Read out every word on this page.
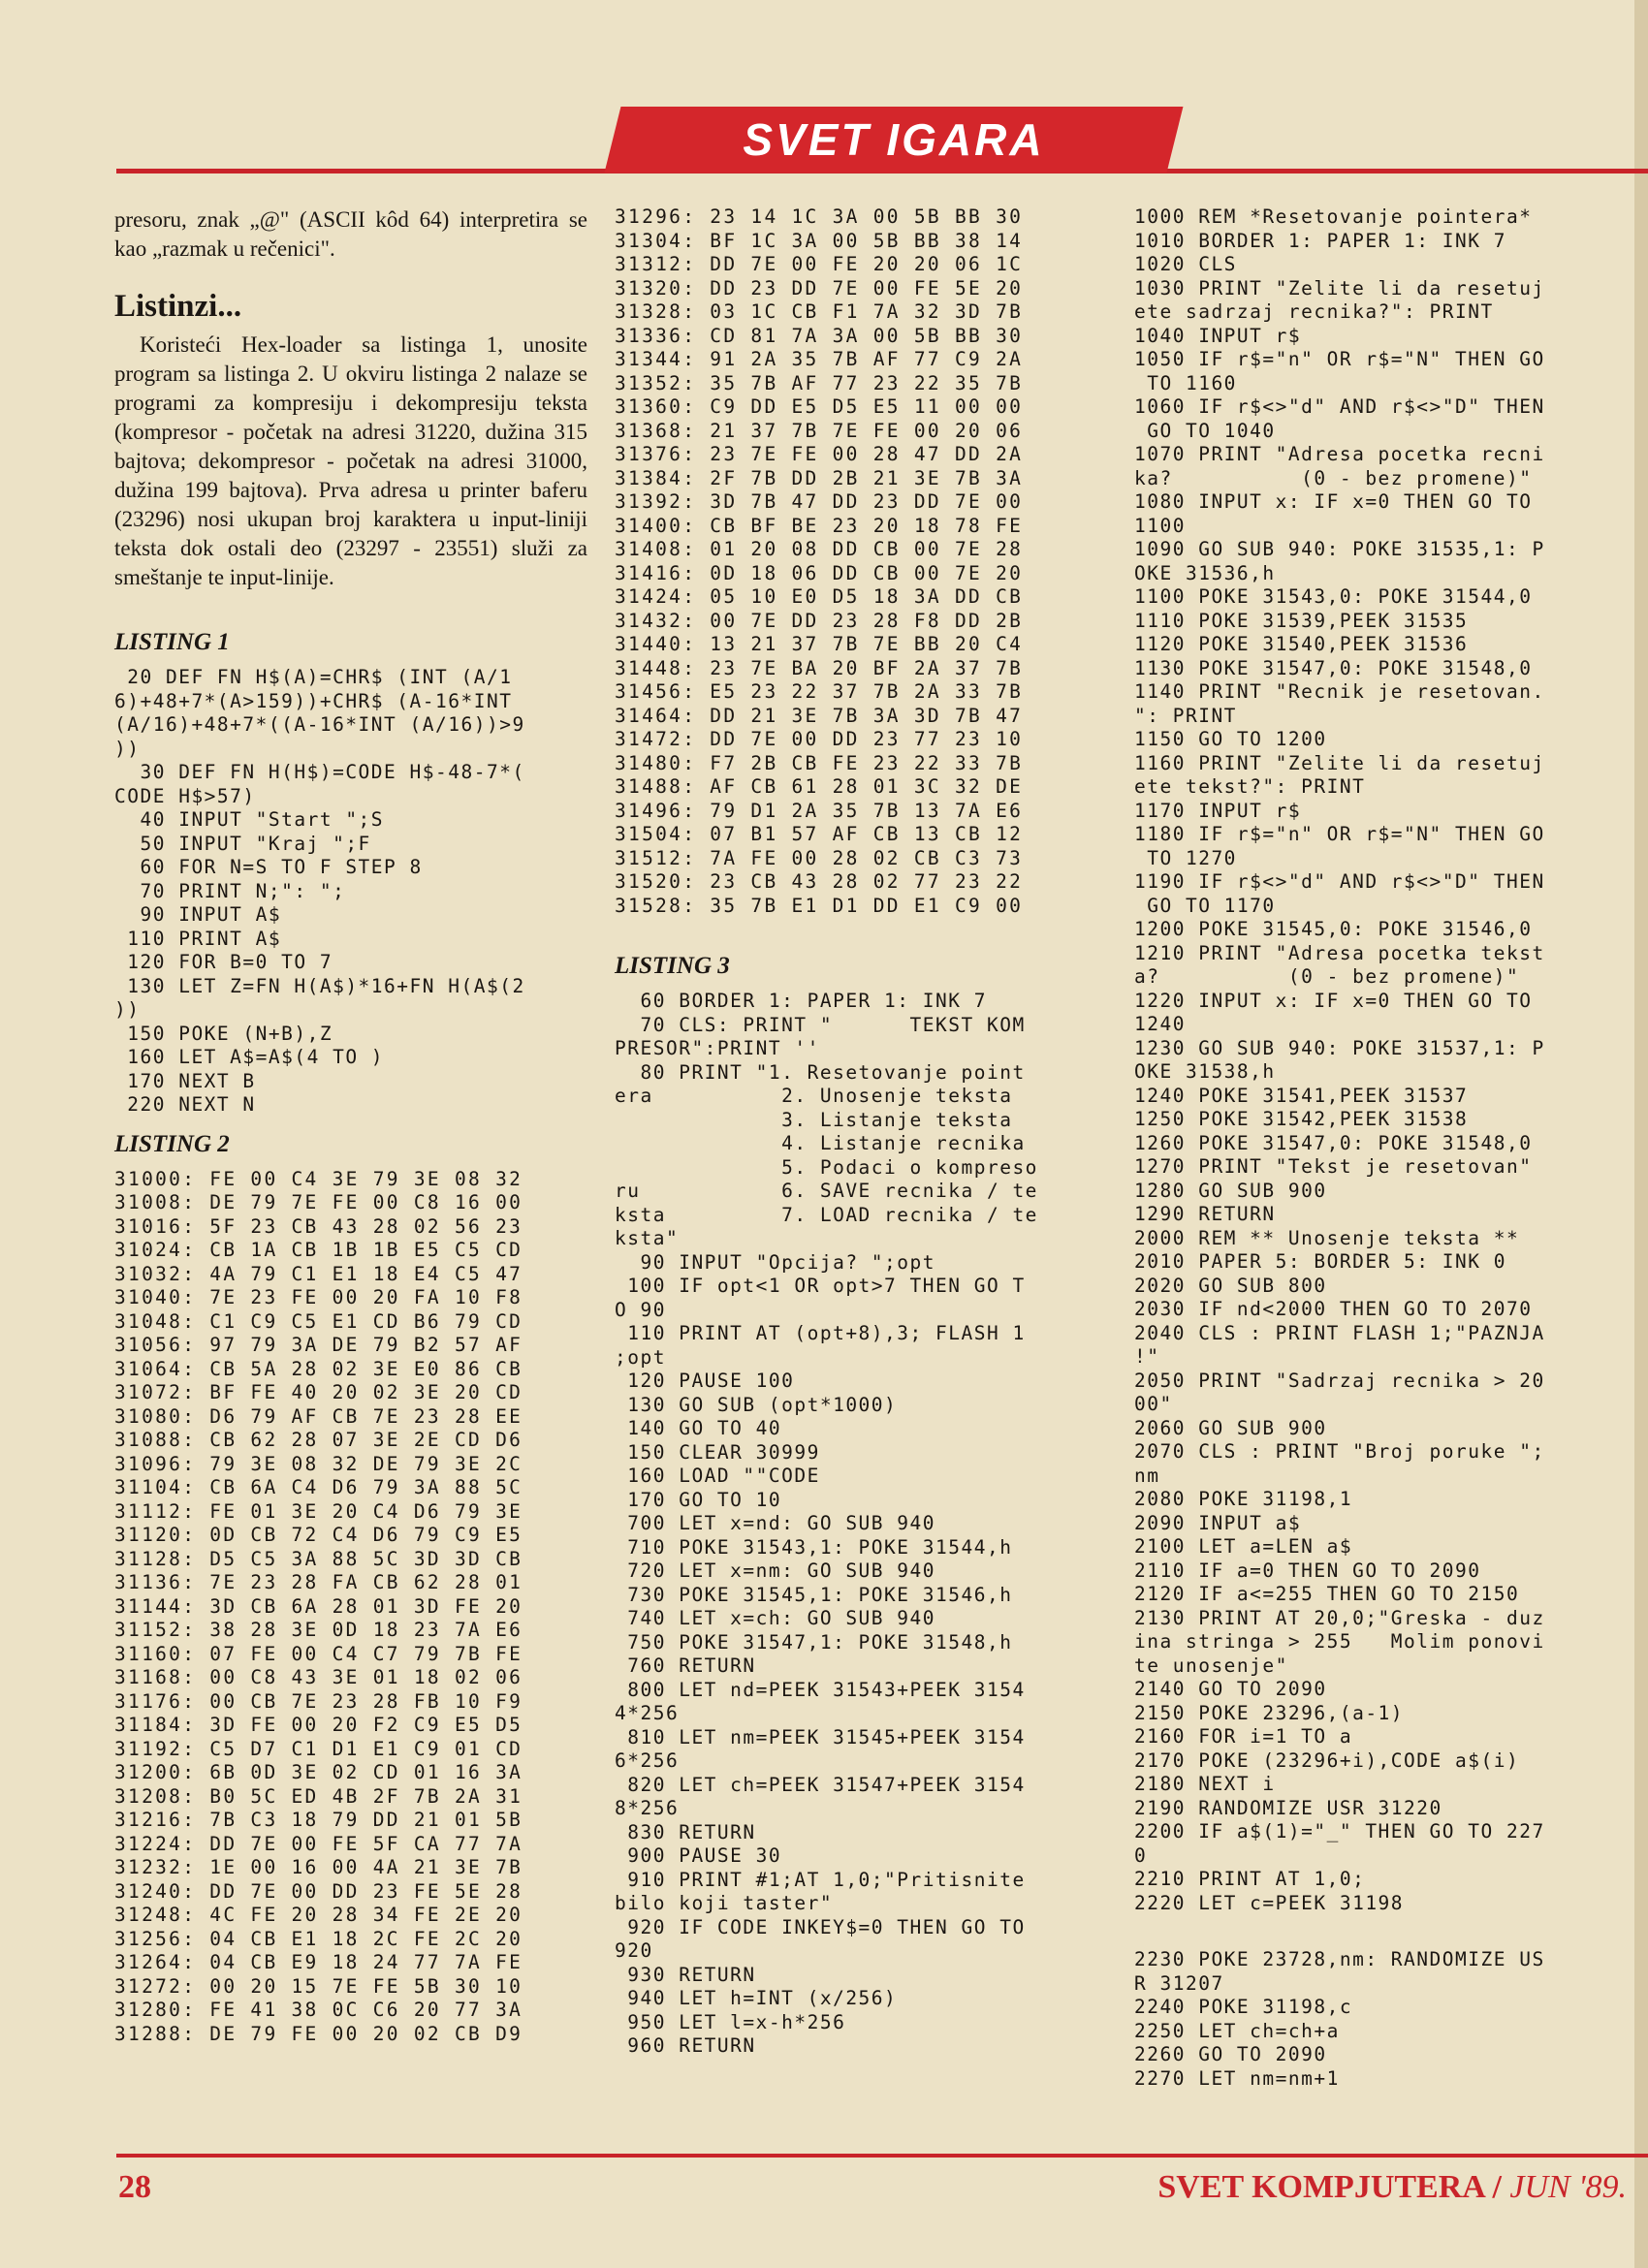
SVET IGARA

presoru, znak „@" (ASCII kôd 64) interpretira se kao „razmak u rečenici".

Listinzi...

Koristeći Hex-loader sa listinga 1, unosite program sa listinga 2. U okviru listinga 2 nalaze se programi za kompresiju i dekompresiju teksta (kompresor - početak na adresi 31220, dužina 315 bajtova; dekompresor - početak na adresi 31000, dužina 199 bajtova). Prva adresa u printer baferu (23296) nosi ukupan broj karaktera u input-liniji teksta dok ostali deo (23297 - 23551) služi za smeštanje te input-linije.

LISTING 1
20 DEF FN H$(A)=CHR$ (INT (A/1
6)+48+7*(A>159))+CHR$ (A-16*INT
(A/16)+48+7*((A-16*INT (A/16))>9
))
30 DEF FN H(H$)=CODE H$-48-7*(
CODE H$>57)
40 INPUT "Start ";S
50 INPUT "Kraj ";F
60 FOR N=S TO F STEP 8
70 PRINT N;": ";
90 INPUT A$
110 PRINT A$
120 FOR B=0 TO 7
130 LET Z=FN H(A$)*16+FN H(A$(2
))
150 POKE (N+B),Z
160 LET A$=A$(4 TO )
170 NEXT B
220 NEXT N
LISTING 2
31000: FE 00 C4 3E 79 3E 08 32
31008: DE 79 7E FE 00 C8 16 00
31016: 5F 23 CB 43 28 02 56 23
31024: CB 1A CB 1B 1B E5 C5 CD
31032: 4A 79 C1 E1 18 E4 C5 47
31040: 7E 23 FE 00 20 FA 10 F8
31048: C1 C9 C5 E1 CD B6 79 CD
31056: 97 79 3A DE 79 B2 57 AF
31064: CB 5A 28 02 3E E0 86 CB
31072: BF FE 40 20 02 3E 20 CD
31080: D6 79 AF CB 7E 23 28 EE
31088: CB 62 28 07 3E 2E CD D6
31096: 79 3E 08 32 DE 79 3E 2C
31104: CB 6A C4 D6 79 3A 88 5C
31112: FE 01 3E 20 C4 D6 79 3E
31120: 0D CB 72 C4 D6 79 C9 E5
31128: D5 C5 3A 88 5C 3D 3D CB
31136: 7E 23 28 FA CB 62 28 01
31144: 3D CB 6A 28 01 3D FE 20
31152: 38 28 3E 0D 18 23 7A E6
31160: 07 FE 00 C4 C7 79 7B FE
31168: 00 C8 43 3E 01 18 02 06
31176: 00 CB 7E 23 28 FB 10 F9
31184: 3D FE 00 20 F2 C9 E5 D5
31192: C5 D7 C1 D1 E1 C9 01 CD
31200: 6B 0D 3E 02 CD 01 16 3A
31208: B0 5C ED 4B 2F 7B 2A 31
31216: 7B C3 18 79 DD 21 01 5B
31224: DD 7E 00 FE 5F CA 77 7A
31232: 1E 00 16 00 4A 21 3E 7B
31240: DD 7E 00 DD 23 FE 5E 28
31248: 4C FE 20 28 34 FE 2E 20
31256: 04 CB E1 18 2C FE 2C 20
31264: 04 CB E9 18 24 77 7A FE
31272: 00 20 15 7E FE 5B 30 10
31280: FE 41 38 0C C6 20 77 3A
31288: DE 79 FE 00 20 02 CB D9
31296: 23 14 1C 3A 00 5B BB 30
31304: BF 1C 3A 00 5B BB 38 14
31312: DD 7E 00 FE 20 20 06 1C
31320: DD 23 DD 7E 00 FE 5E 20
31328: 03 1C CB F1 7A 32 3D 7B
31336: CD 81 7A 3A 00 5B BB 30
31344: 91 2A 35 7B AF 77 C9 2A
31352: 35 7B AF 77 23 22 35 7B
31360: C9 DD E5 D5 E5 11 00 00
31368: 21 37 7B 7E FE 00 20 06
31376: 23 7E FE 00 28 47 DD 2A
31384: 2F 7B DD 2B 21 3E 7B 3A
31392: 3D 7B 47 DD 23 DD 7E 00
31400: CB BF BE 23 20 18 78 FE
31408: 01 20 08 DD CB 00 7E 28
31416: 0D 18 06 DD CB 00 7E 20
31424: 05 10 E0 D5 18 3A DD CB
31432: 00 7E DD 23 28 F8 DD 2B
31440: 13 21 37 7B 7E BB 20 C4
31448: 23 7E BA 20 BF 2A 37 7B
31456: E5 23 22 37 7B 2A 33 7B
31464: DD 21 3E 7B 3A 3D 7B 47
31472: DD 7E 00 DD 23 77 23 10
31480: F7 2B CB FE 23 22 33 7B
31488: AF CB 61 28 01 3C 32 DE
31496: 79 D1 2A 35 7B 13 7A E6
31504: 07 B1 57 AF CB 13 CB 12
31512: 7A FE 00 28 02 CB C3 73
31520: 23 CB 43 28 02 77 23 22
31528: 35 7B E1 D1 DD E1 C9 00
LISTING 3
60 BORDER 1: PAPER 1: INK 7
70 CLS: PRINT "      TEKST KOM
PRESOR":PRINT ''
80 PRINT "1. Resetovanje point
era          2. Unosenje teksta
3. Listanje teksta
4. Listanje recnika
5. Podaci o kompreso
ru           6. SAVE recnika / te
ksta         7. LOAD recnika / te
ksta"
90 INPUT "Opcija? ";opt
100 IF opt<1 OR opt>7 THEN GO T
O 90
110 PRINT AT (opt+8),3; FLASH 1
;opt
120 PAUSE 100
130 GO SUB (opt*1000)
140 GO TO 40
150 CLEAR 30999
160 LOAD ""CODE
170 GO TO 10
700 LET x=nd: GO SUB 940
710 POKE 31543,1: POKE 31544,h
720 LET x=nm: GO SUB 940
730 POKE 31545,1: POKE 31546,h
740 LET x=ch: GO SUB 940
750 POKE 31547,1: POKE 31548,h
760 RETURN
800 LET nd=PEEK 31543+PEEK 3154
4*256
810 LET nm=PEEK 31545+PEEK 3154
6*256
820 LET ch=PEEK 31547+PEEK 3154
8*256
830 RETURN
900 PAUSE 30
910 PRINT #1;AT 1,0;"Pritisnite
bilo koji taster"
920 IF CODE INKEY$=0 THEN GO TO
920
930 RETURN
940 LET h=INT (x/256)
950 LET l=x-h*256
960 RETURN
1000 REM *Resetovanje pointera*
1010 BORDER 1: PAPER 1: INK 7
1020 CLS
1030 PRINT "Zelite li da resetuj
ete sadrzaj recnika?": PRINT
1040 INPUT r$
1050 IF r$="n" OR r$="N" THEN GO
TO 1160
1060 IF r$<>"d" AND r$<>"D" THEN
GO TO 1040
1070 PRINT "Adresa pocetka recni
ka?          (0 - bez promene)"
1080 INPUT x: IF x=0 THEN GO TO
1100
1090 GO SUB 940: POKE 31535,1: P
OKE 31536,h
1100 POKE 31543,0: POKE 31544,0
1110 POKE 31539,PEEK 31535
1120 POKE 31540,PEEK 31536
1130 POKE 31547,0: POKE 31548,0
1140 PRINT "Recnik je resetovan.
": PRINT
1150 GO TO 1200
1160 PRINT "Zelite li da resetuj
ete tekst?": PRINT
1170 INPUT r$
1180 IF r$="n" OR r$="N" THEN GO
TO 1270
1190 IF r$<>"d" AND r$<>"D" THEN
GO TO 1170
1200 POKE 31545,0: POKE 31546,0
1210 PRINT "Adresa pocetka tekst
a?          (0 - bez promene)"
1220 INPUT x: IF x=0 THEN GO TO
1240
1230 GO SUB 940: POKE 31537,1: P
OKE 31538,h
1240 POKE 31541,PEEK 31537
1250 POKE 31542,PEEK 31538
1260 POKE 31547,0: POKE 31548,0
1270 PRINT "Tekst je resetovan"
1280 GO SUB 900
1290 RETURN
2000 REM ** Unosenje teksta **
2010 PAPER 5: BORDER 5: INK 0
2020 GO SUB 800
2030 IF nd<2000 THEN GO TO 2070
2040 CLS : PRINT FLASH 1;"PAZNJA
!"
2050 PRINT "Sadrzaj recnika > 20
00"
2060 GO SUB 900
2070 CLS : PRINT "Broj poruke ";
nm
2080 POKE 31198,1
2090 INPUT a$
2100 LET a=LEN a$
2110 IF a=0 THEN GO TO 2090
2120 IF a<=255 THEN GO TO 2150
2130 PRINT AT 20,0;"Greska - duz
ina stringa > 255   Molim ponovi
te unosenje"
2140 GO TO 2090
2150 POKE 23296,(a-1)
2160 FOR i=1 TO a
2170 POKE (23296+i),CODE a$(i)
2180 NEXT i
2190 RANDOMIZE USR 31220
2200 IF a$(1)="_" THEN GO TO 227
0
2210 PRINT AT 1,0;
2220 LET c=PEEK 31198
2230 POKE 23728,nm: RANDOMIZE US
R 31207
2240 POKE 31198,c
2250 LET ch=ch+a
2260 GO TO 2090
2270 LET nm=nm+1
28	SVET KOMPJUTERA / JUN '89.
